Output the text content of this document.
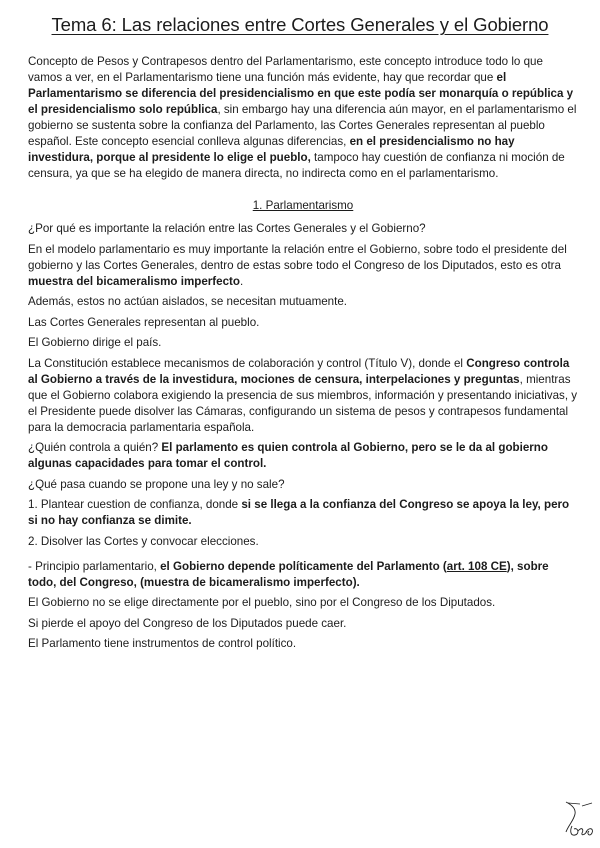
Tema 6: Las relaciones entre Cortes Generales y el Gobierno

Concepto de Pesos y Contrapesos dentro del Parlamentarismo, este concepto introduce todo lo que vamos a ver, en el Parlamentarismo tiene una función más evidente, hay que recordar que el Parlamentarismo se diferencia del presidencialismo en que este podía ser monarquía o república y el presidencialismo solo república, sin embargo hay una diferencia aún mayor, en el parlamentarismo el gobierno se sustenta sobre la confianza del Parlamento, las Cortes Generales representan al pueblo español. Este concepto esencial conlleva algunas diferencias, en el presidencialismo no hay investidura, porque al presidente lo elige el pueblo, tampoco hay cuestión de confianza ni moción de censura, ya que se ha elegido de manera directa, no indirecta como en el parlamentarismo.

1. Parlamentarismo

¿Por qué es importante la relación entre las Cortes Generales y el Gobierno?

En el modelo parlamentario es muy importante la relación entre el Gobierno, sobre todo el presidente del gobierno y las Cortes Generales, dentro de estas sobre todo el Congreso de los Diputados, esto es otra muestra del bicameralismo imperfecto.

Además, estos no actúan aislados, se necesitan mutuamente.

Las Cortes Generales representan al pueblo.

El Gobierno dirige el país.

La Constitución establece mecanismos de colaboración y control (Título V), donde el Congreso controla al Gobierno a través de la investidura, mociones de censura, interpelaciones y preguntas, mientras que el Gobierno colabora exigiendo la presencia de sus miembros, información y presentando iniciativas, y el Presidente puede disolver las Cámaras, configurando un sistema de pesos y contrapesos fundamental para la democracia parlamentaria española.

¿Quién controla a quién? El parlamento es quien controla al Gobierno, pero se le da al gobierno algunas capacidades para tomar el control.

¿Qué pasa cuando se propone una ley y no sale?

1. Plantear cuestion de confianza, donde si se llega a la confianza del Congreso se apoya la ley, pero si no hay confianza se dimite.

2. Disolver las Cortes y convocar elecciones.

- Principio parlamentario, el Gobierno depende políticamente del Parlamento (art. 108 CE), sobre todo, del Congreso, (muestra de bicameralismo imperfecto).

El Gobierno no se elige directamente por el pueblo, sino por el Congreso de los Diputados.

Si pierde el apoyo del Congreso de los Diputados puede caer.

El Parlamento tiene instrumentos de control político.
